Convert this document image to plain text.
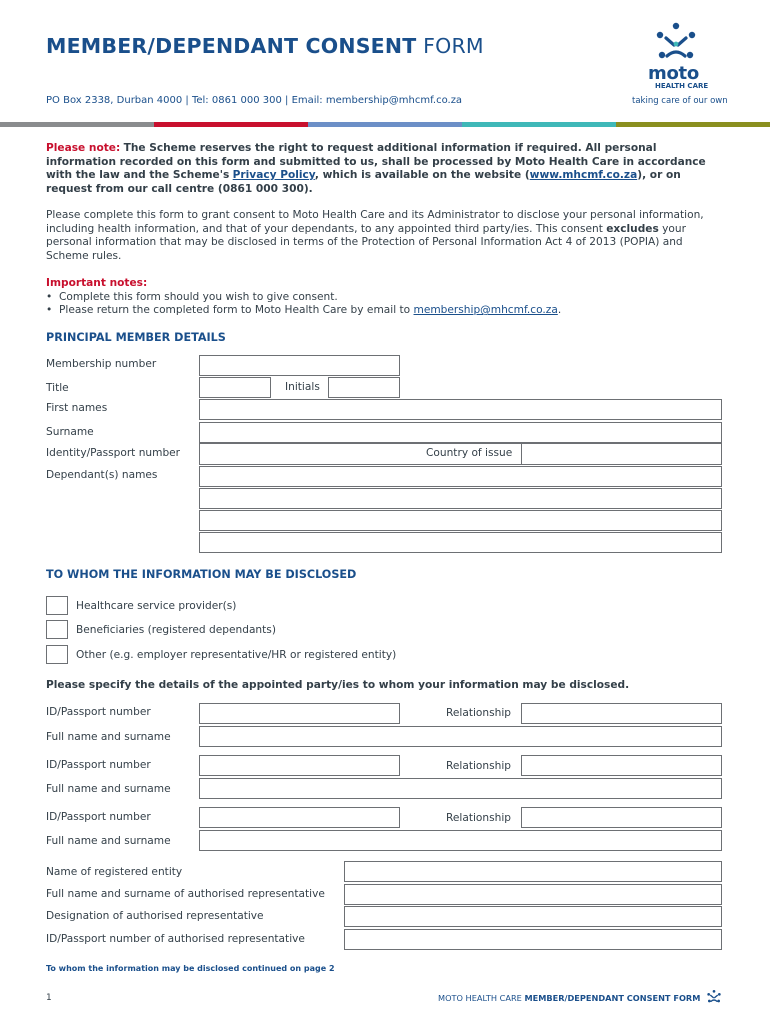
MEMBER/DEPENDANT CONSENT FORM
PO Box 2338, Durban 4000 | Tel: 0861 000 300 | Email: membership@mhcmf.co.za
moto
HEALTH CARE
taking care of our own
Please note: The Scheme reserves the right to request additional information if required. All personal information recorded on this form and submitted to us, shall be processed by Moto Health Care in accordance with the law and the Scheme's Privacy Policy, which is available on the website (www.mhcmf.co.za), or on request from our call centre (0861 000 300).
Please complete this form to grant consent to Moto Health Care and its Administrator to disclose your personal information, including health information, and that of your dependants, to any appointed third party/ies. This consent excludes your personal information that may be disclosed in terms of the Protection of Personal Information Act 4 of 2013 (POPIA) and Scheme rules.
Important notes:
•  Complete this form should you wish to give consent.
•  Please return the completed form to Moto Health Care by email to membership@mhcmf.co.za.
PRINCIPAL MEMBER DETAILS
Membership number
Title	Initials
First names
Surname
Identity/Passport number	Country of issue
Dependant(s) names
TO WHOM THE INFORMATION MAY BE DISCLOSED
Healthcare service provider(s)
Beneficiaries (registered dependants)
Other (e.g. employer representative/HR or registered entity)
Please specify the details of the appointed party/ies to whom your information may be disclosed.
ID/Passport number	Relationship
Full name and surname
ID/Passport number	Relationship
Full name and surname
ID/Passport number	Relationship
Full name and surname
Name of registered entity
Full name and surname of authorised representative
Designation of authorised representative
ID/Passport number of authorised representative
To whom the information may be disclosed continued on page 2
1	MOTO HEALTH CARE MEMBER/DEPENDANT CONSENT FORM
